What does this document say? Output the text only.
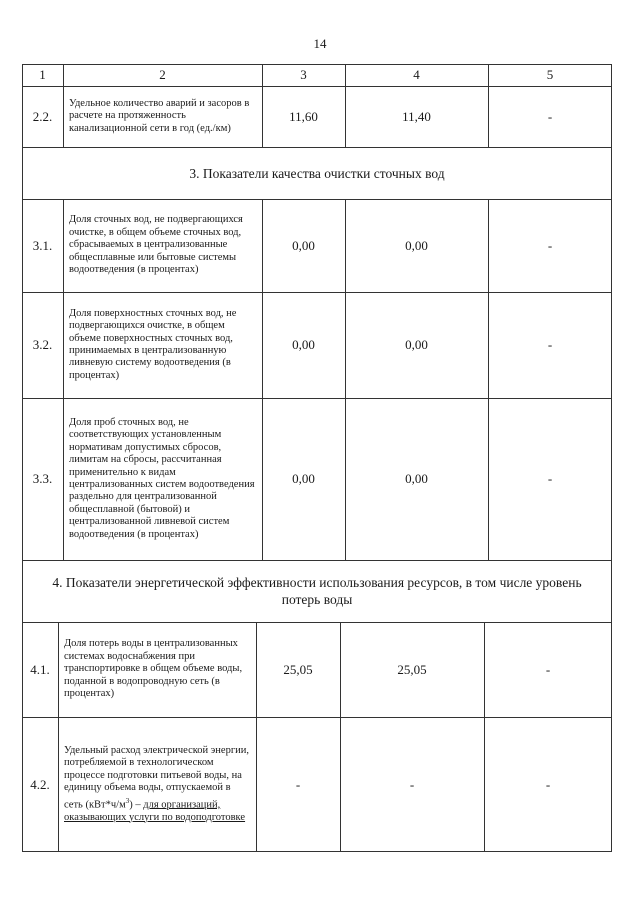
14
1	2	3	4	5
2.2.
Удельное количество аварий и засоров в расчете на протяженность канализационной сети в год (ед./км)
11,60	11,40	-
3. Показатели качества очистки сточных вод
3.1.
Доля сточных вод, не подвергающихся очистке, в общем объеме сточных вод, сбрасываемых в централизованные общесплавные или бытовые системы водоотведения (в процентах)
0,00	0,00	-
3.2.
Доля поверхностных сточных вод, не подвергающихся очистке, в общем объеме поверхностных сточных вод, принимаемых в централизованную ливневую систему водоотведения (в процентах)
0,00	0,00	-
3.3.
Доля проб сточных вод, не соответствующих установленным нормативам допустимых сбросов, лимитам на сбросы, рассчитанная применительно к видам централизованных систем водоотведения раздельно для централизованной общесплавной (бытовой) и централизованной ливневой систем водоотведения (в процентах)
0,00	0,00	-
4. Показатели энергетической эффективности использования ресурсов, в том числе уровень потерь воды
4.1.
Доля потерь воды в централизованных системах водоснабжения при транспортировке в общем объеме воды, поданной в водопроводную сеть (в процентах)
25,05	25,05	-
4.2.
Удельный расход электрической энергии, потребляемой в технологическом процессе подготовки питьевой воды, на единицу объема воды, отпускаемой в сеть $(кВт*ч/м^3)$ – для организаций, оказывающих услуги по водоподготовке
-	-	-
